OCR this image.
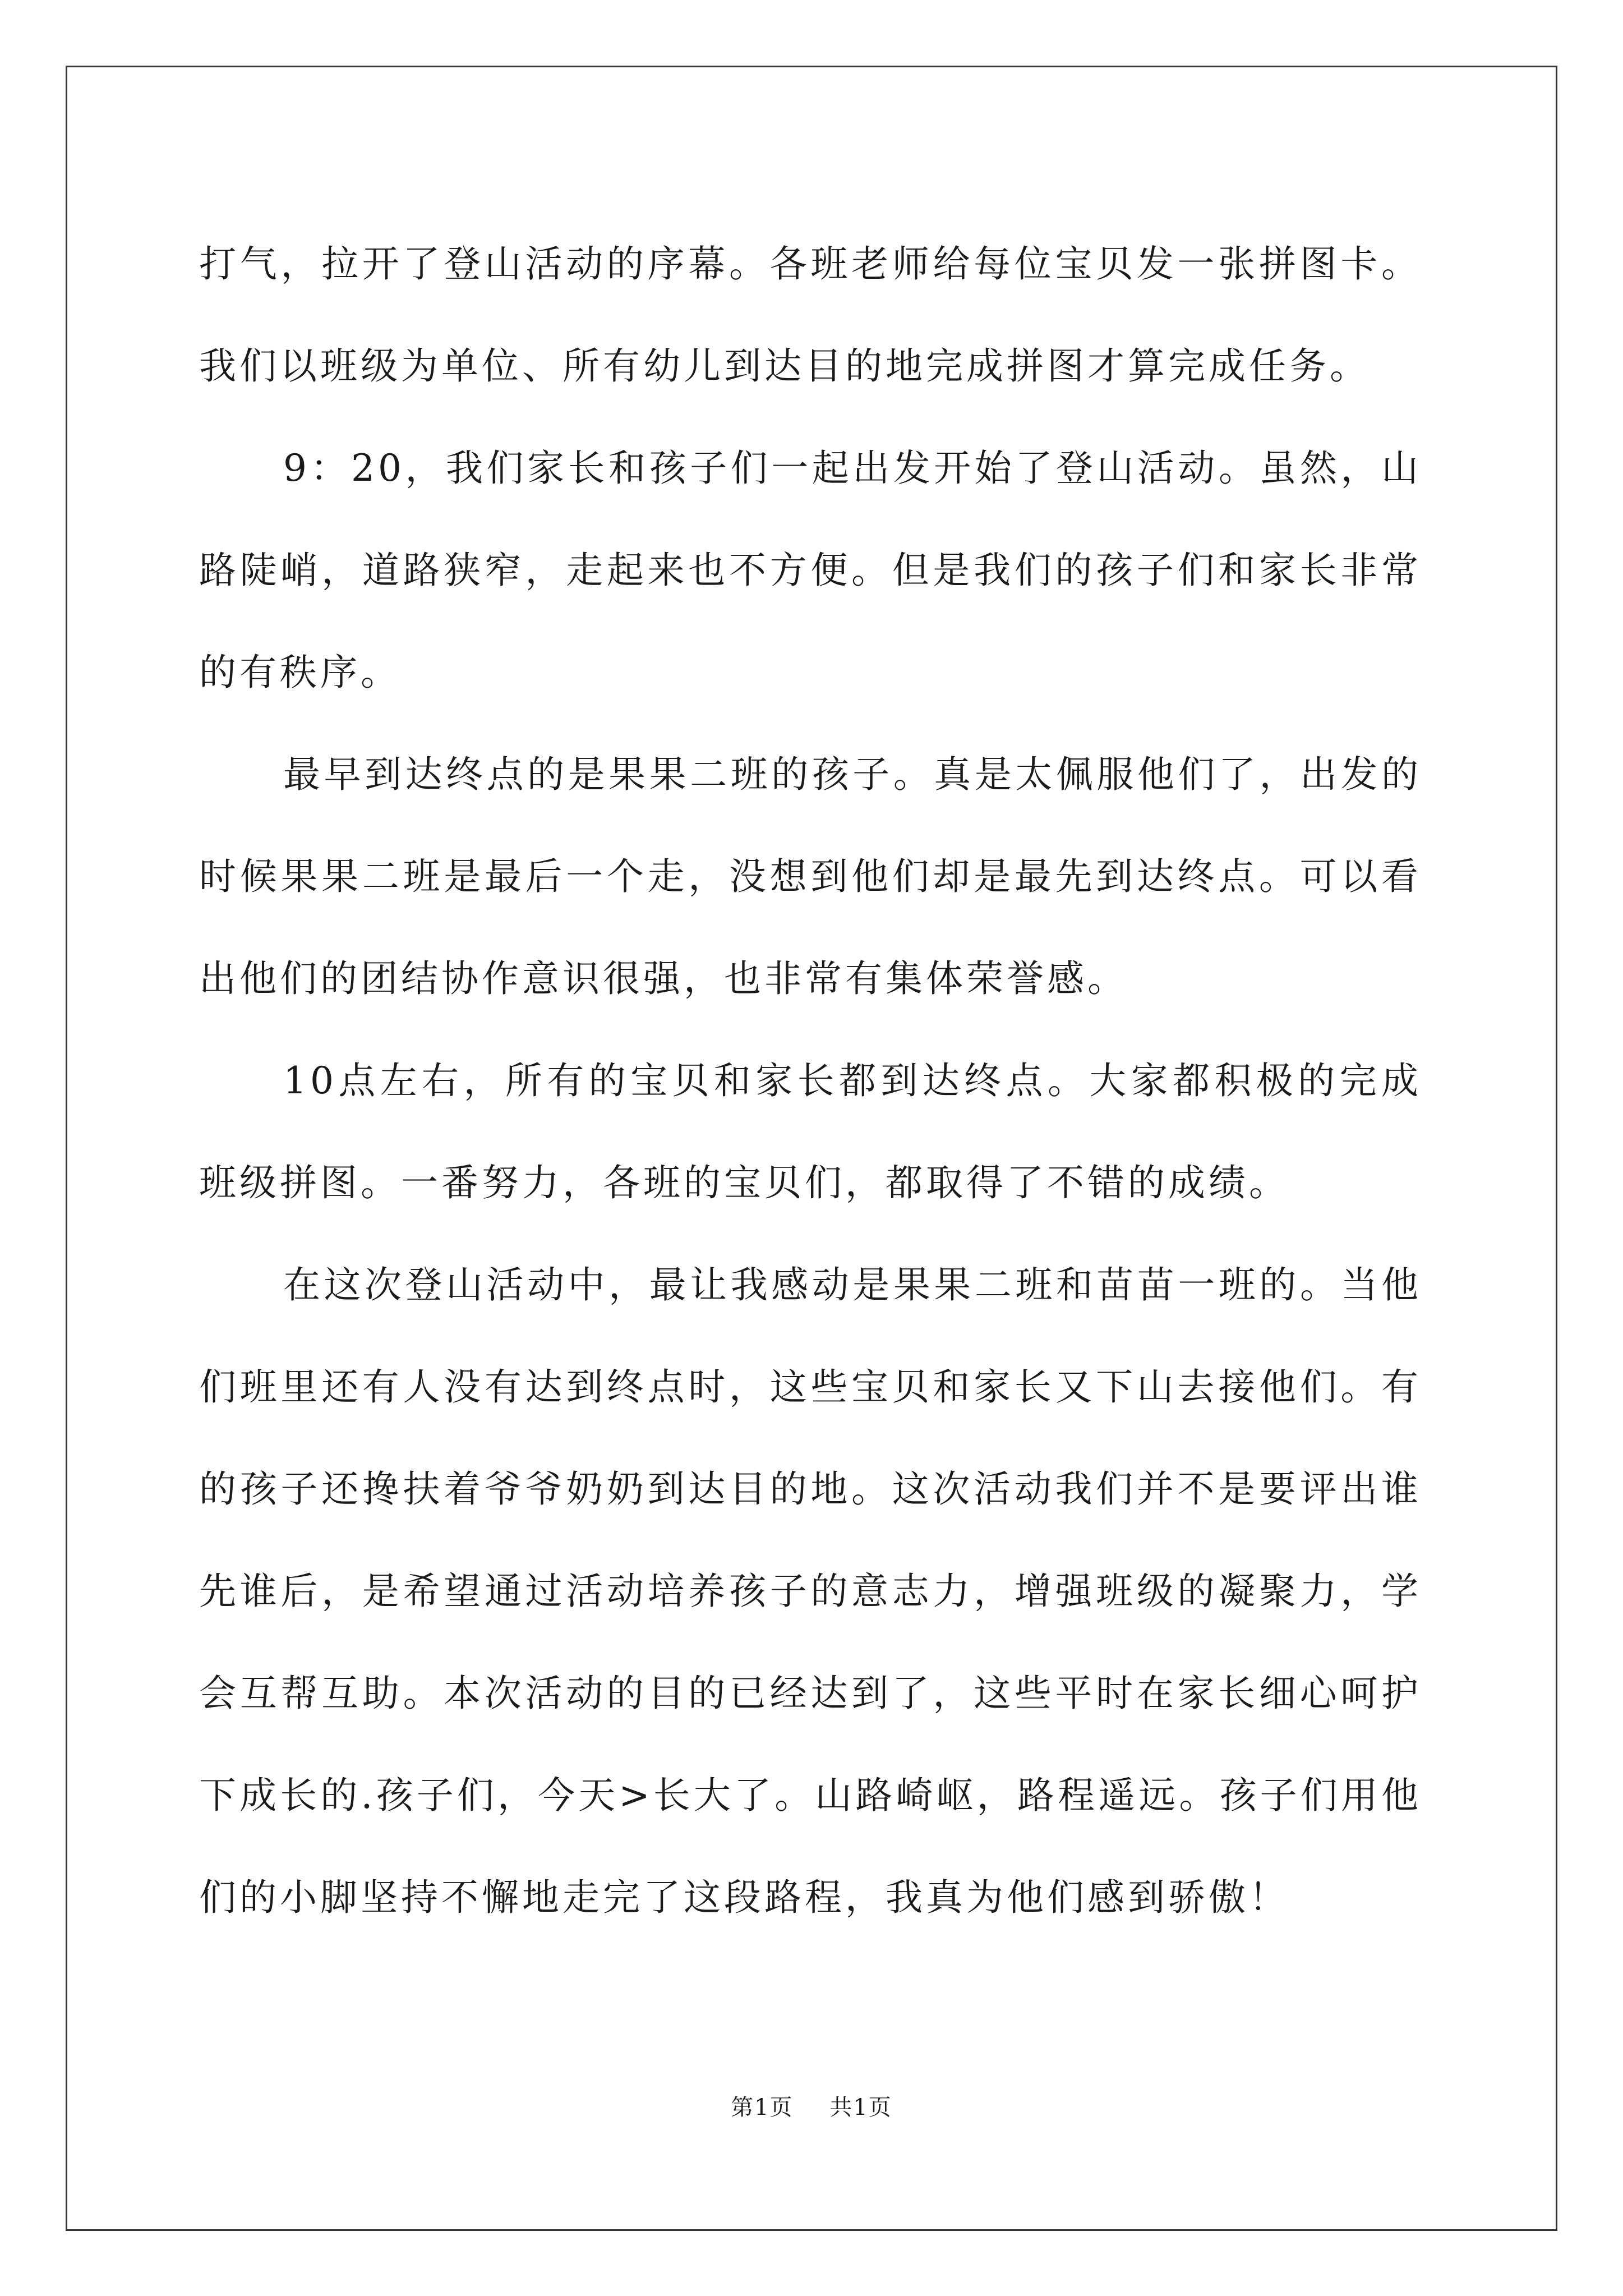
打气，拉开了登山活动的序幕。各班老师给每位宝贝发一张拼图卡。我们以班级为单位、所有幼儿到达目的地完成拼图才算完成任务。

9：20，我们家长和孩子们一起出发开始了登山活动。虽然，山路陡峭，道路狭窄，走起来也不方便。但是我们的孩子们和家长非常的有秩序。

最早到达终点的是果果二班的孩子。真是太佩服他们了，出发的时候果果二班是最后一个走，没想到他们却是最先到达终点。可以看出他们的团结协作意识很强，也非常有集体荣誉感。

10点左右，所有的宝贝和家长都到达终点。大家都积极的完成班级拼图。一番努力，各班的宝贝们，都取得了不错的成绩。

在这次登山活动中，最让我感动是果果二班和苗苗一班的。当他们班里还有人没有达到终点时，这些宝贝和家长又下山去接他们。有的孩子还搀扶着爷爷奶奶到达目的地。这次活动我们并不是要评出谁先谁后，是希望通过活动培养孩子的意志力，增强班级的凝聚力，学会互帮互助。本次活动的目的已经达到了，这些平时在家长细心呵护下成长的.孩子们，今天>长大了。山路崎岖，路程遥远。孩子们用他们的小脚坚持不懈地走完了这段路程，我真为他们感到骄傲！

第1页 共1页
